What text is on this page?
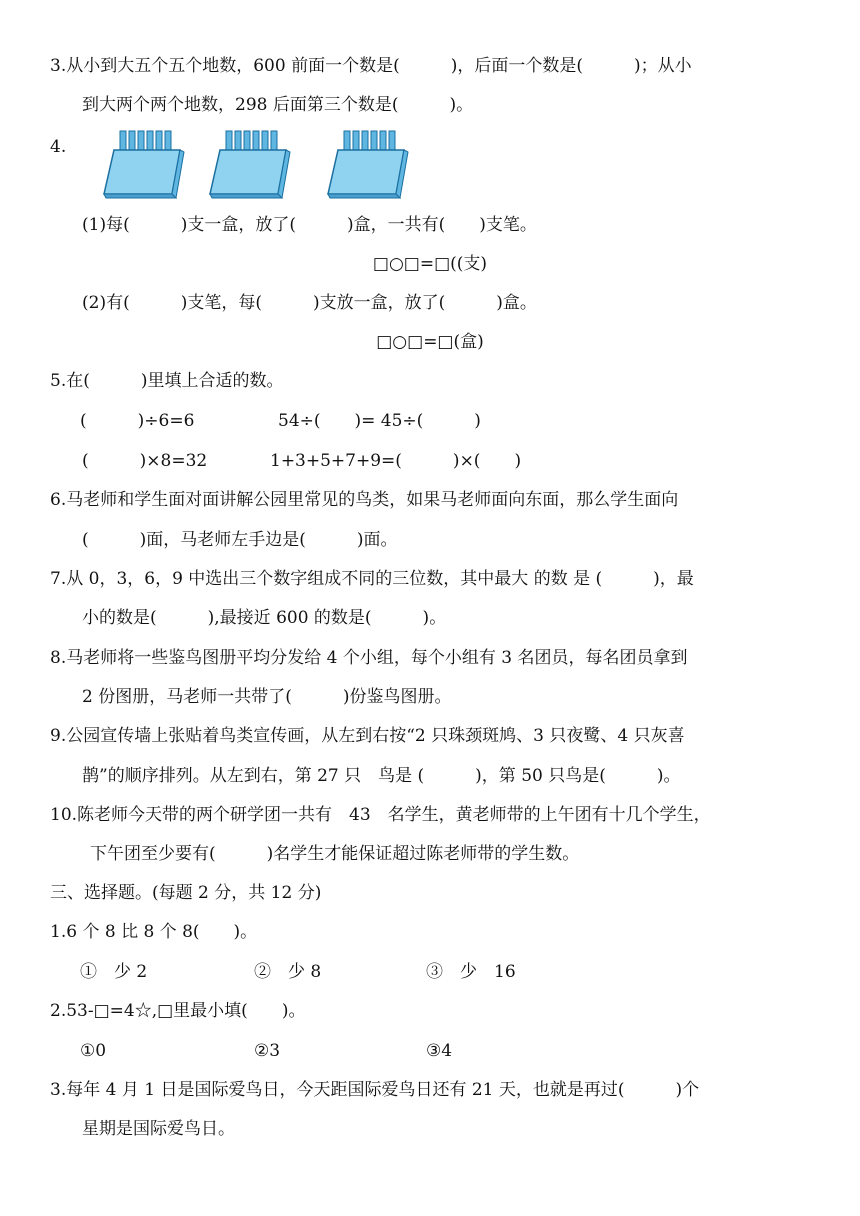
3.从小到大五个五个地数，600 前面一个数是(　　　)，后面一个数是(　　　)；从小
到大两个两个地数，298 后面第三个数是(　　　)。
4.
(1)每(　　　)支一盒，放了(　　　)盒，一共有(　　)支笔。
□○□=□((支)
(2)有(　　　)支笔，每(　　　)支放一盒，放了(　　　)盒。
□○□=□(盒)
5.在(　　　)里填上合适的数。
(　　　)÷6=6	54÷(　　)= 45÷(　　　)
(　　　)×8=32	1+3+5+7+9=(　　　)×(　　)
6.马老师和学生面对面讲解公园里常见的鸟类，如果马老师面向东面，那么学生面向
(　　　)面，马老师左手边是(　　　)面。
7.从 0，3，6，9 中选出三个数字组成不同的三位数，其中最大 的数 是 (　　　)，最
小的数是(　　　),最接近 600 的数是(　　　)。
8.马老师将一些鉴鸟图册平均分发给 4 个小组，每个小组有 3 名团员，每名团员拿到
2 份图册，马老师一共带了(　　　)份鉴鸟图册。
9.公园宣传墙上张贴着鸟类宣传画，从左到右按“2 只珠颈斑鸠、3 只夜鹭、4 只灰喜
鹊”的顺序排列。从左到右，第 27 只　鸟是 (　　　)，第 50 只鸟是(　　　)。
10.陈老师今天带的两个研学团一共有　43　名学生，黄老师带的上午团有十几个学生，
下午团至少要有(　　　)名学生才能保证超过陈老师带的学生数。
三、选择题。(每题 2 分，共 12 分)
1.6 个 8 比 8 个 8(　　)。
①　少 2	②　少 8	③　少　16
2.53-□=4☆,□里最小填(　　)。
①0	②3	③4
3.每年 4 月 1 日是国际爱鸟日，今天距国际爱鸟日还有 21 天，也就是再过(　　　)个
星期是国际爱鸟日。
